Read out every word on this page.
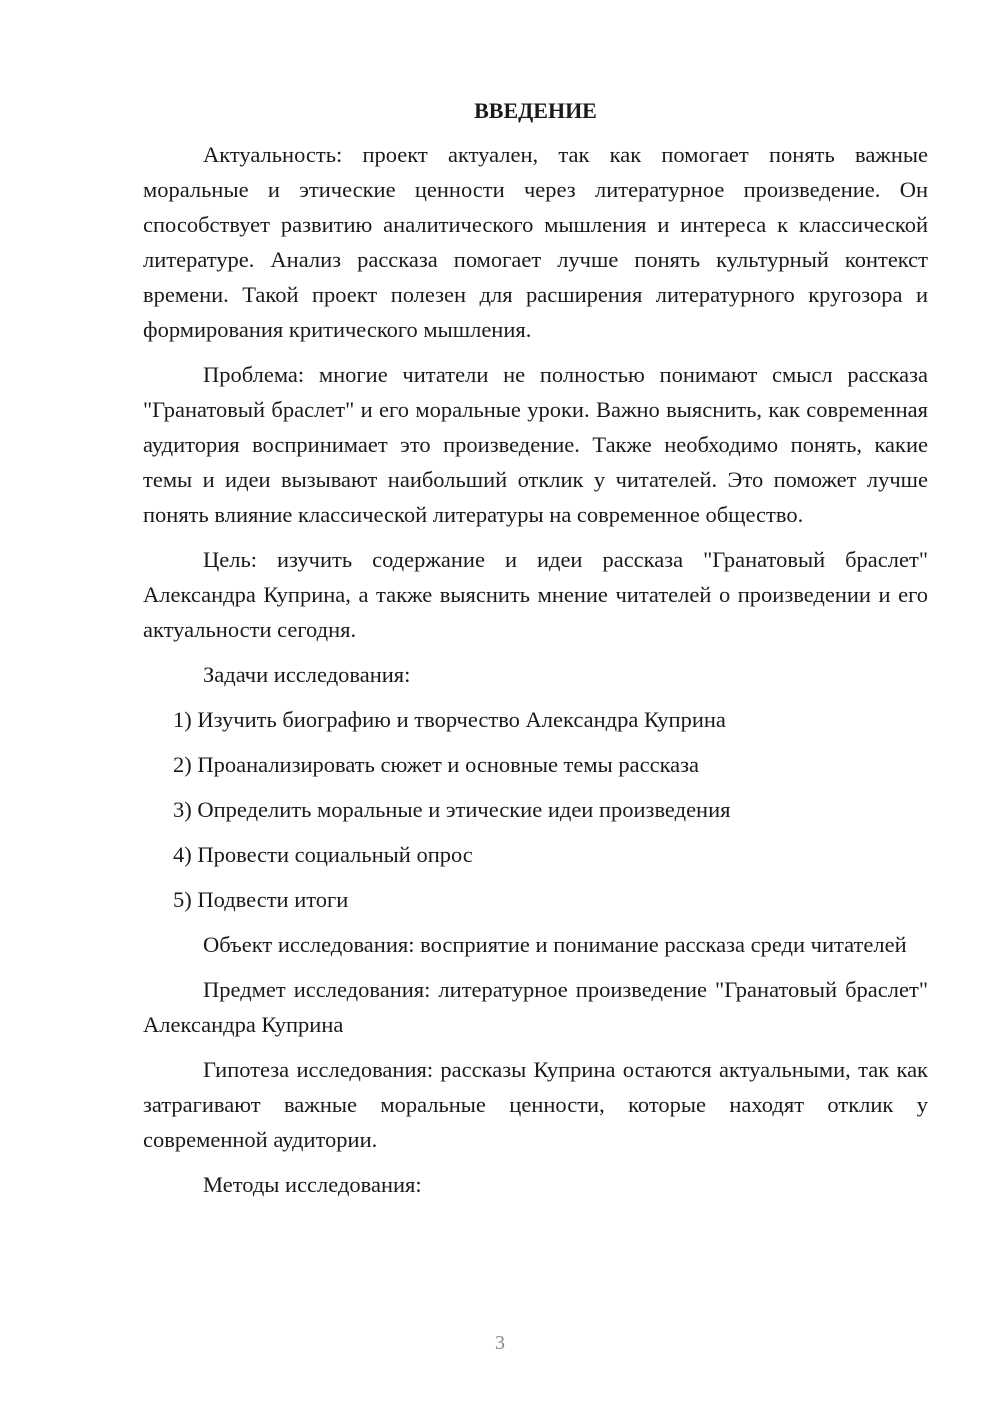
ВВЕДЕНИЕ

Актуальность: проект актуален, так как помогает понять важные моральные и этические ценности через литературное произведение. Он способствует развитию аналитического мышления и интереса к классической литературе. Анализ рассказа помогает лучше понять культурный контекст времени. Такой проект полезен для расширения литературного кругозора и формирования критического мышления.

Проблема: многие читатели не полностью понимают смысл рассказа "Гранатовый браслет" и его моральные уроки. Важно выяснить, как современная аудитория воспринимает это произведение. Также необходимо понять, какие темы и идеи вызывают наибольший отклик у читателей. Это поможет лучше понять влияние классической литературы на современное общество.

Цель: изучить содержание и идеи рассказа "Гранатовый браслет" Александра Куприна, а также выяснить мнение читателей о произведении и его актуальности сегодня.

Задачи исследования:

1) Изучить биографию и творчество Александра Куприна
2) Проанализировать сюжет и основные темы рассказа
3) Определить моральные и этические идеи произведения
4) Провести социальный опрос
5) Подвести итоги

Объект исследования: восприятие и понимание рассказа среди читателей

Предмет исследования: литературное произведение "Гранатовый браслет" Александра Куприна

Гипотеза исследования: рассказы Куприна остаются актуальными, так как затрагивают важные моральные ценности, которые находят отклик у современной аудитории.

Методы исследования:

3
